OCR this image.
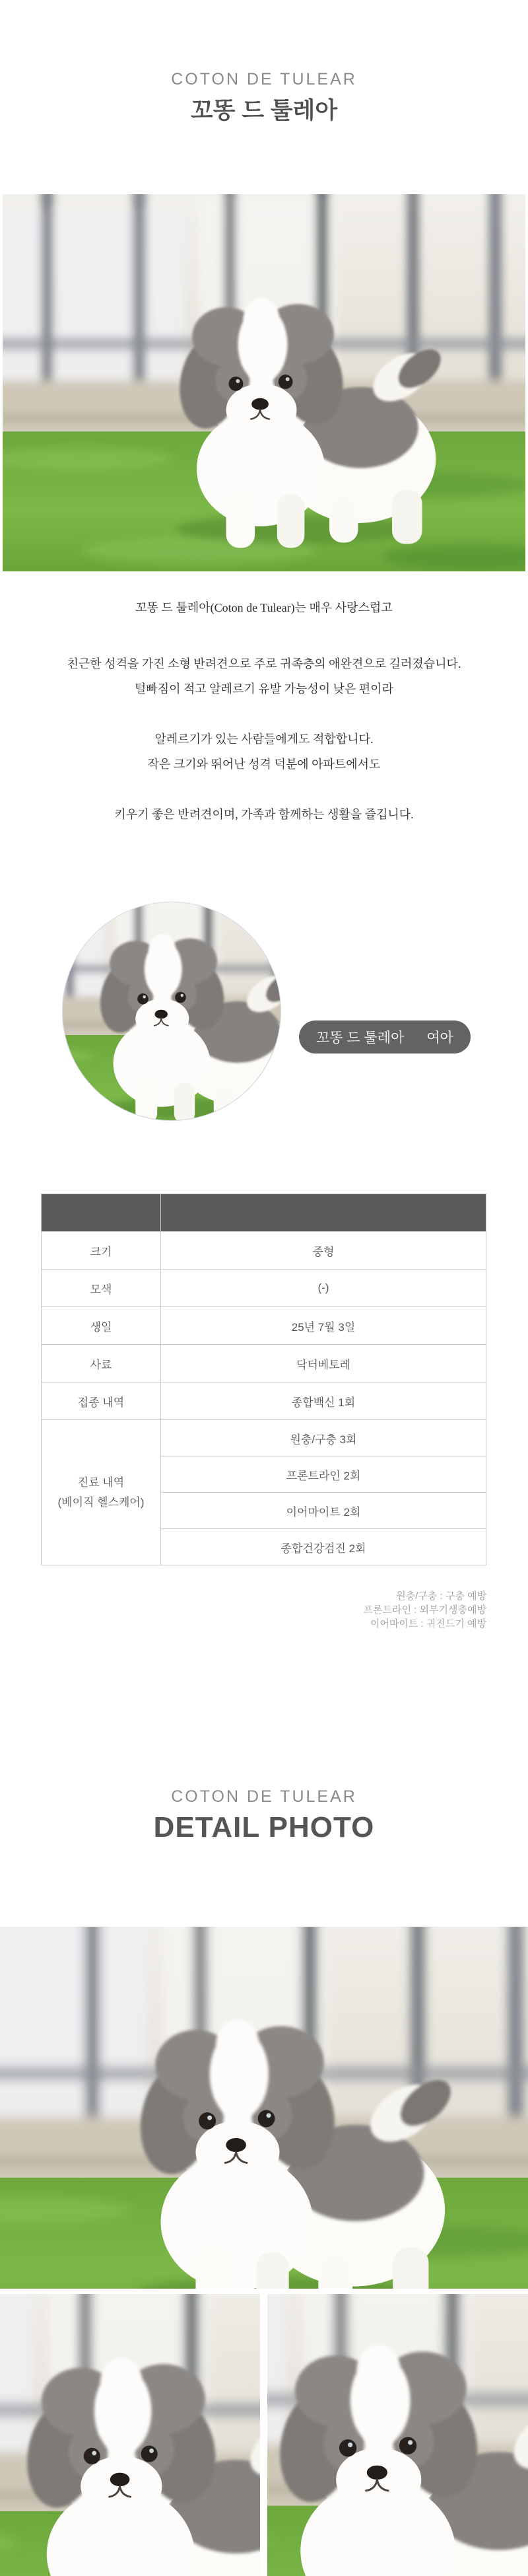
COTON DE TULEAR
꼬똥 드 툴레아
꼬똥 드 툴레아(Coton de Tulear)는 매우 사랑스럽고
친근한 성격을 가진 소형 반려견으로 주로 귀족층의 애완견으로 길러졌습니다.
털빠짐이 적고 알레르기 유발 가능성이 낮은 편이라
알레르기가 있는 사람들에게도 적합합니다.
작은 크기와 뛰어난 성격 덕분에 아파트에서도
키우기 좋은 반려견이며, 가족과 함께하는 생활을 즐깁니다.
꼬똥 드 툴레아 여아

크기	중형
모색	(-)
생일	25년 7월 3일
사료	닥터베토레
접종 내역	종합백신 1회

진료 내역
(베이직 헬스케어)	원충/구충 3회
	프론트라인 2회
	이어마이트 2회
	종합건강검진 2회
원충/구충 : 구충 예방
프론트라인 : 외부기생충예방
이어마이트 : 귀진드기 예방
COTON DE TULEAR
DETAIL PHOTO
